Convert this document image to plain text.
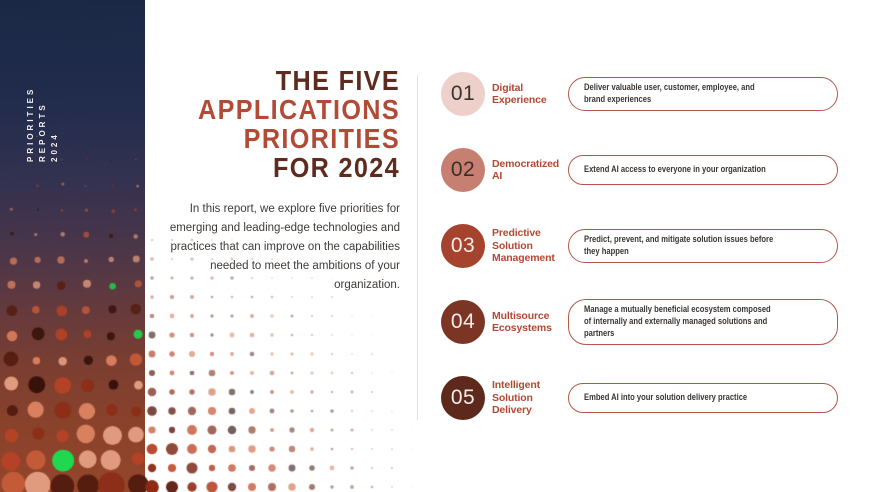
PRIORITIES REPORTS 2024
THE FIVE
APPLICATIONS
PRIORITIES
FOR 2024
In this report, we explore five priorities for emerging and leading-edge technologies and practices that can improve on the capabilities needed to meet the ambitions of your organization.
01 Digital Experience
Deliver valuable user, customer, employee, and brand experiences
02 Democratized AI
Extend AI access to everyone in your organization
03
Predictive Solution Management
Predict, prevent, and mitigate solution issues before they happen
04 Multisource Ecosystems
Manage a mutually beneficial ecosystem composed of internally and externally managed solutions and partners
05
Intelligent Solution Delivery
Embed AI into your solution delivery practice
